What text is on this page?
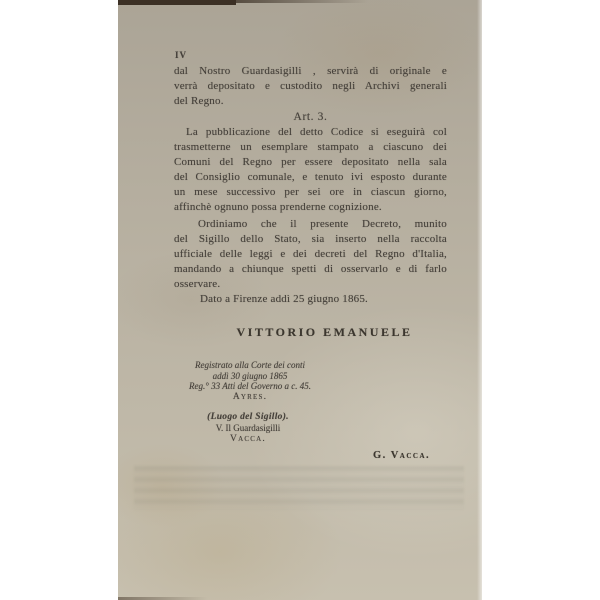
IV
dal Nostro Guardasigilli , servirà di originale e
verrà depositato e custodito negli Archivi generali
del Regno.
Art. 3.
La pubblicazione del detto Codice si eseguirà col
trasmetterne un esemplare stampato a ciascuno dei
Comuni del Regno per essere depositato nella sala
del Consiglio comunale, e tenuto ivi esposto durante
un mese successivo per sei ore in ciascun giorno,
affinchè ognuno possa prenderne cognizione.
Ordiniamo che il presente Decreto, munito
del Sigillo dello Stato, sia inserto nella raccolta
ufficiale delle leggi e dei decreti del Regno d'Italia,
mandando a chiunque spetti di osservarlo e di farlo
osservare.
Dato a Firenze addì 25 giugno 1865.
VITTORIO EMANUELE
Registrato alla Corte dei conti
addì 30 giugno 1865
Reg.° 33 Atti del Governo a c. 45.
Ayres.
(Luogo del Sigillo).
V. Il Guardasigilli
Vacca.
G. Vacca.
